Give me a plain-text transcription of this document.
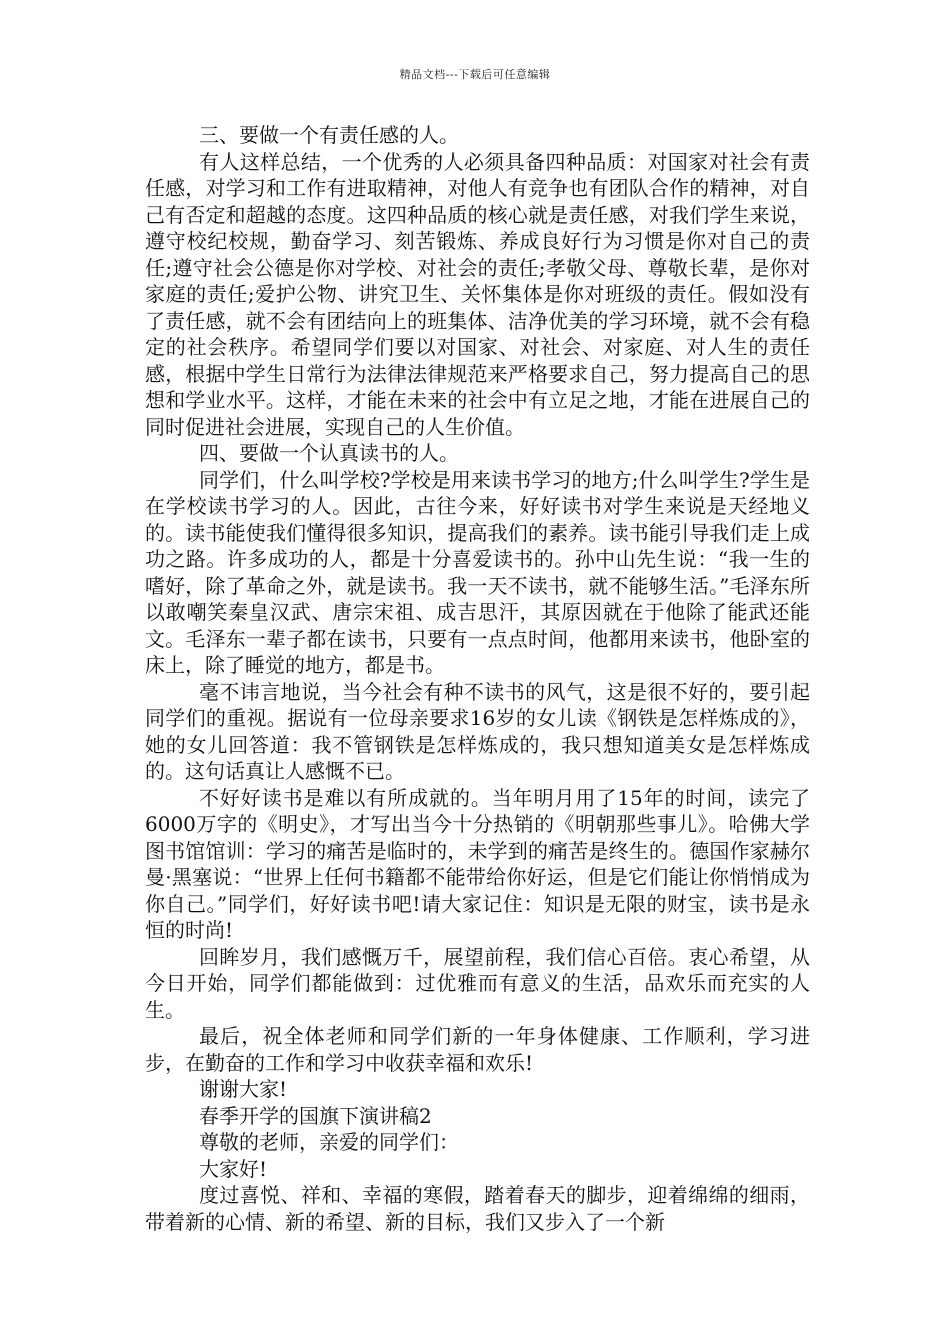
精品文档---下载后可任意编辑

三、要做一个有责任感的人。

有人这样总结，一个优秀的人必须具备四种品质：对国家对社会有责任感，对学习和工作有进取精神，对他人有竞争也有团队合作的精神，对自己有否定和超越的态度。这四种品质的核心就是责任感，对我们学生来说，遵守校纪校规，勤奋学习、刻苦锻炼、养成良好行为习惯是你对自己的责任;遵守社会公德是你对学校、对社会的责任;孝敬父母、尊敬长辈，是你对家庭的责任;爱护公物、讲究卫生、关怀集体是你对班级的责任。假如没有了责任感，就不会有团结向上的班集体、洁净优美的学习环境，就不会有稳定的社会秩序。希望同学们要以对国家、对社会、对家庭、对人生的责任感，根据中学生日常行为法律法律规范来严格要求自己，努力提高自己的思想和学业水平。这样，才能在未来的社会中有立足之地，才能在进展自己的同时促进社会进展，实现自己的人生价值。

四、要做一个认真读书的人。

同学们，什么叫学校?学校是用来读书学习的地方;什么叫学生?学生是在学校读书学习的人。因此，古往今来，好好读书对学生来说是天经地义的。读书能使我们懂得很多知识，提高我们的素养。读书能引导我们走上成功之路。许多成功的人，都是十分喜爱读书的。孙中山先生说：“我一生的嗜好，除了革命之外，就是读书。我一天不读书，就不能够生活。”毛泽东所以敢嘲笑秦皇汉武、唐宗宋祖、成吉思汗，其原因就在于他除了能武还能文。毛泽东一辈子都在读书，只要有一点点时间，他都用来读书，他卧室的床上，除了睡觉的地方，都是书。

毫不讳言地说，当今社会有种不读书的风气，这是很不好的，要引起同学们的重视。据说有一位母亲要求16岁的女儿读《钢铁是怎样炼成的》，她的女儿回答道：我不管钢铁是怎样炼成的，我只想知道美女是怎样炼成的。这句话真让人感慨不已。

不好好读书是难以有所成就的。当年明月用了15年的时间，读完了6000万字的《明史》，才写出当今十分热销的《明朝那些事儿》。哈佛大学图书馆馆训：学习的痛苦是临时的，未学到的痛苦是终生的。德国作家赫尔曼·黑塞说：“世界上任何书籍都不能带给你好运，但是它们能让你悄悄成为你自己。”同学们，好好读书吧!请大家记住：知识是无限的财宝，读书是永恒的时尚!

回眸岁月，我们感慨万千，展望前程，我们信心百倍。衷心希望，从今日开始，同学们都能做到：过优雅而有意义的生活，品欢乐而充实的人生。

最后，祝全体老师和同学们新的一年身体健康、工作顺利，学习进步，在勤奋的工作和学习中收获幸福和欢乐!

谢谢大家!

春季开学的国旗下演讲稿2

尊敬的老师，亲爱的同学们：

大家好!

度过喜悦、祥和、幸福的寒假，踏着春天的脚步，迎着绵绵的细雨，带着新的心情、新的希望、新的目标，我们又步入了一个新
